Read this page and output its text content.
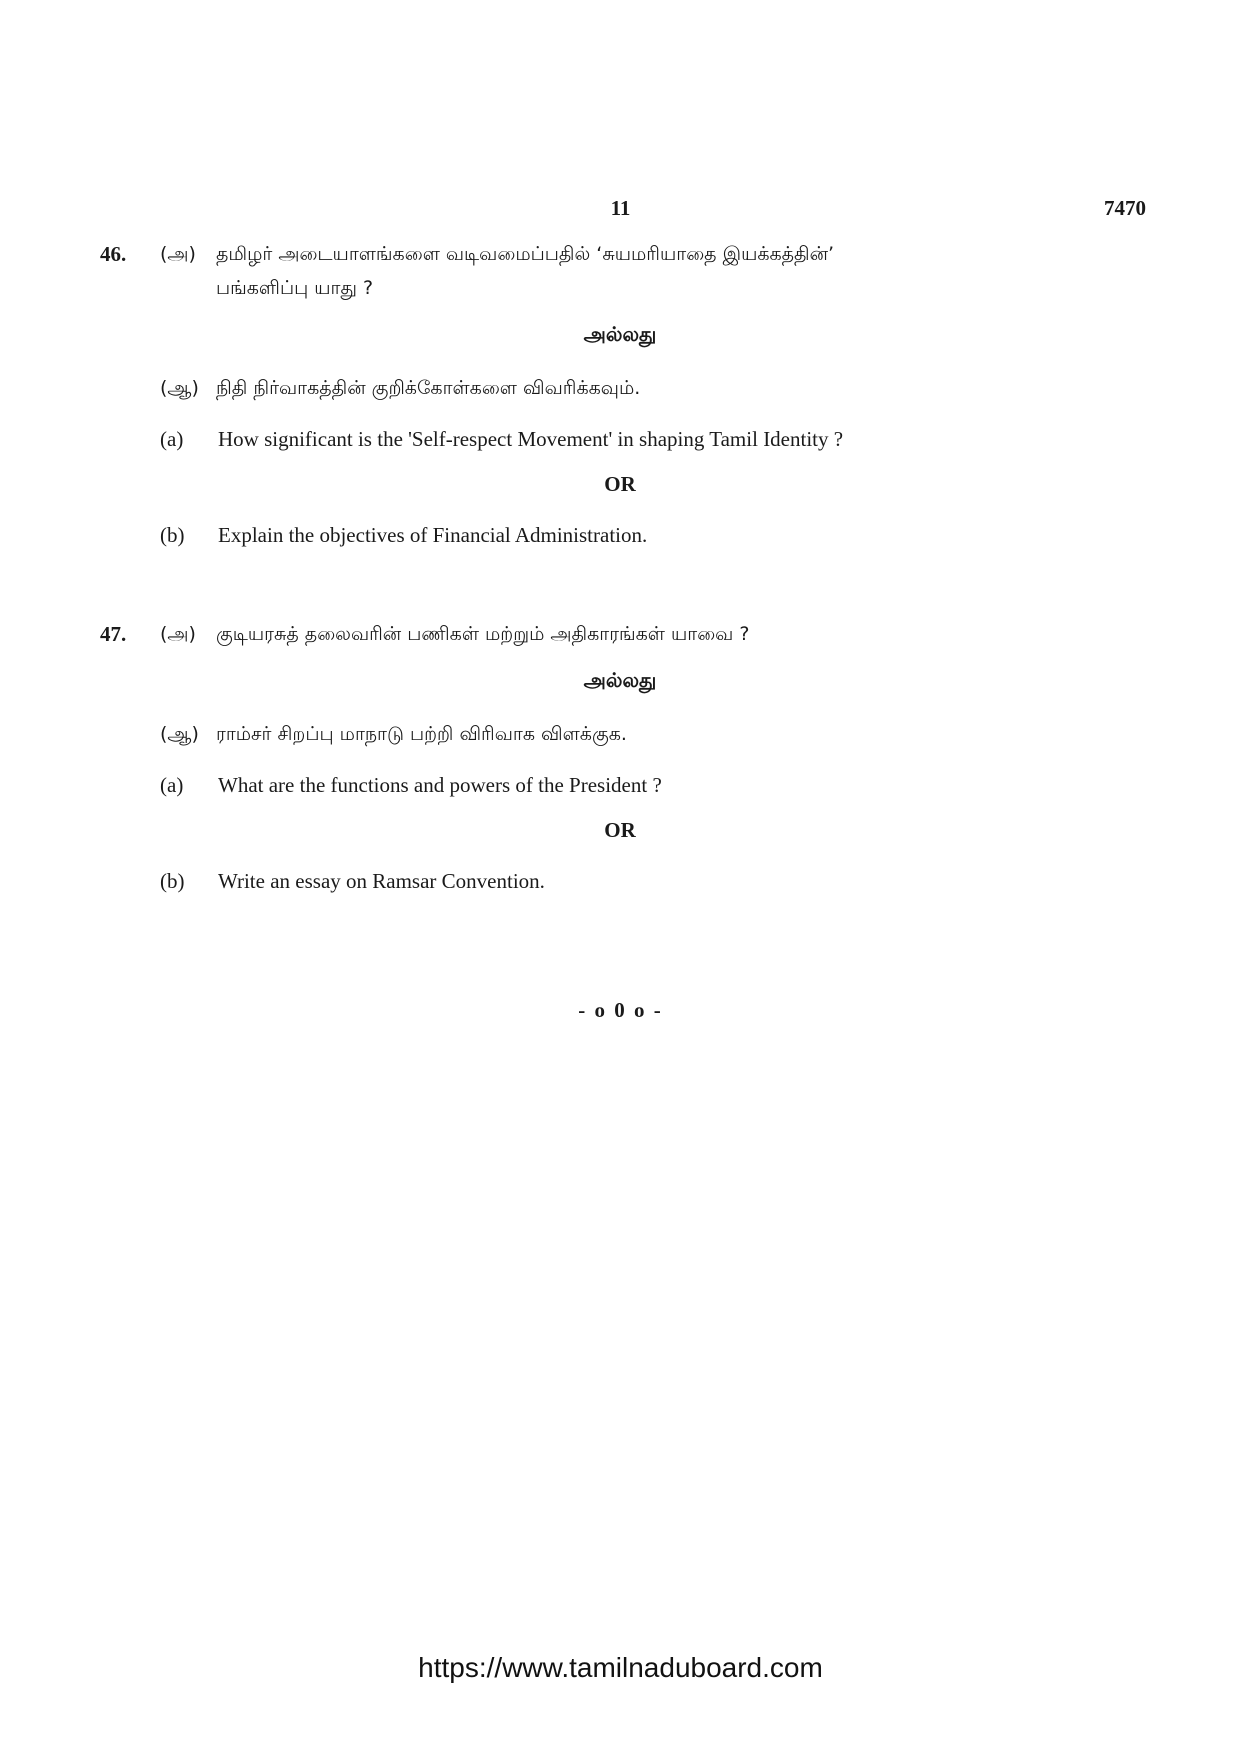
11	7470
46. (அ) தமிழர் அடையாளங்களை வடிவமைப்பதில் ‘சுயமரியாதை இயக்கத்தின்’
பங்களிப்பு யாது ?
அல்லது
(ஆ) நிதி நிர்வாகத்தின் குறிக்கோள்களை விவரிக்கவும்.
(a) How significant is the 'Self-respect Movement' in shaping Tamil Identity ?
OR
(b) Explain the objectives of Financial Administration.
47. (அ) குடியரசுத் தலைவரின் பணிகள் மற்றும் அதிகாரங்கள் யாவை ?
அல்லது
(ஆ) ராம்சர் சிறப்பு மாநாடு பற்றி விரிவாக விளக்குக.
(a) What are the functions and powers of the President ?
OR
(b) Write an essay on Ramsar Convention.
- o 0 o -
https://www.tamilnaduboard.com
